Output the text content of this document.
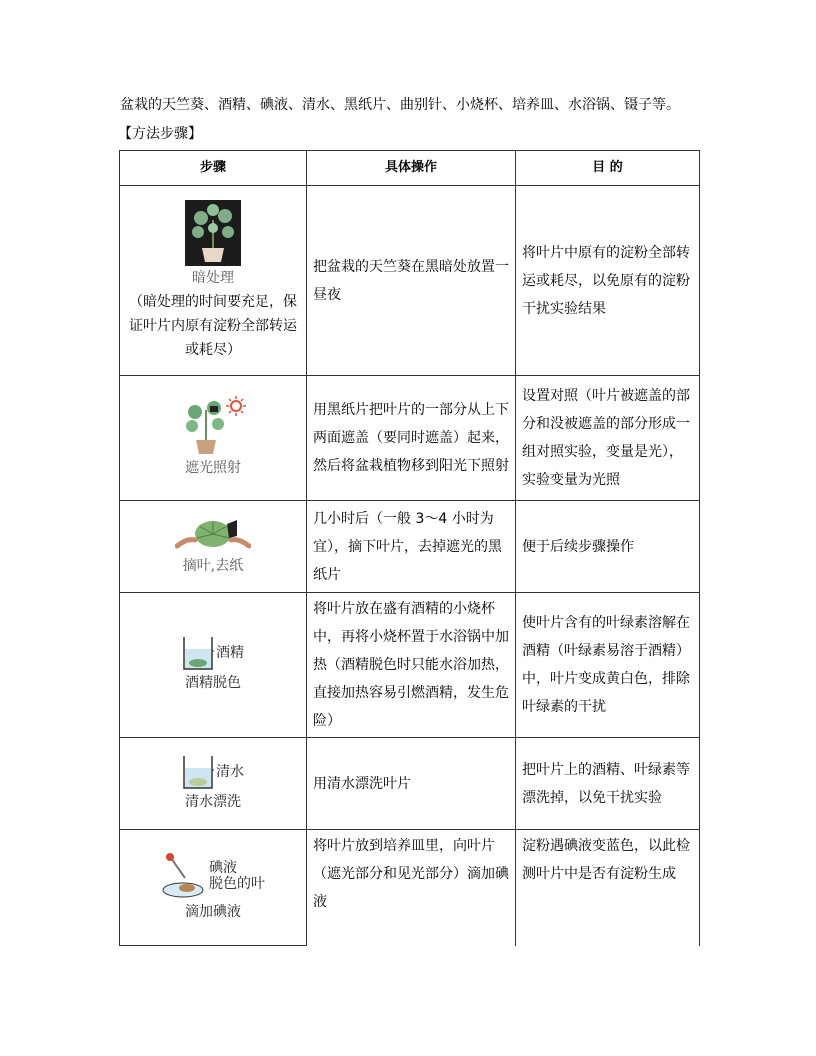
盆栽的天竺葵、酒精、碘液、清水、黑纸片、曲别针、小烧杯、培养皿、水浴锅、镊子等。
【方法步骤】
步骤	具体操作	目 的

暗处理
（暗处理的时间要充足，保证叶片内原有淀粉全部转运或耗尽）	把盆栽的天竺葵在黑暗处放置一昼夜	将叶片中原有的淀粉全部转运或耗尽，以免原有的淀粉干扰实验结果

遮光照射	用黑纸片把叶片的一部分从上下两面遮盖（要同时遮盖）起来，然后将盆栽植物移到阳光下照射	设置对照（叶片被遮盖的部分和没被遮盖的部分形成一组对照实验，变量是光），实验变量为光照

摘叶,去纸	几小时后（一般 3～4 小时为宜），摘下叶片，去掉遮光的黑纸片	便于后续步骤操作

酒精
酒精脱色	将叶片放在盛有酒精的小烧杯中，再将小烧杯置于水浴锅中加热（酒精脱色时只能水浴加热，直接加热容易引燃酒精，发生危险）	使叶片含有的叶绿素溶解在酒精（叶绿素易溶于酒精）中，叶片变成黄白色，排除叶绿素的干扰

清水
清水漂洗	用清水漂洗叶片	把叶片上的酒精、叶绿素等漂洗掉，以免干扰实验

碘液
脱色的叶
滴加碘液	将叶片放到培养皿里，向叶片（遮光部分和见光部分）滴加碘液	淀粉遇碘液变蓝色，以此检测叶片中是否有淀粉生成
